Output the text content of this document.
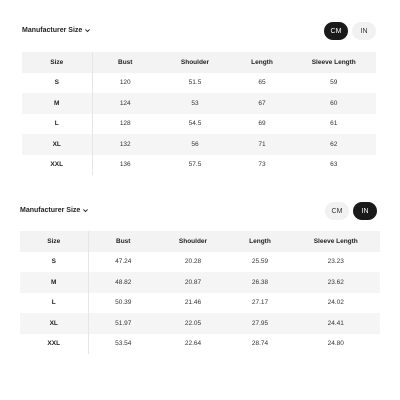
Manufacturer Size	CM	IN
Size	Bust	Shoulder	Length	Sleeve Length
S	120	51.5	65	59
M	124	53	67	60
L	128	54.5	69	61
XL	132	56	71	62
XXL	136	57.5	73	63
Manufacturer Size	CM	IN
Size	Bust	Shoulder	Length	Sleeve Length
S	47.24	20.28	25.59	23.23
M	48.82	20.87	26.38	23.62
L	50.39	21.46	27.17	24.02
XL	51.97	22.05	27.95	24.41
XXL	53.54	22.64	28.74	24.80
